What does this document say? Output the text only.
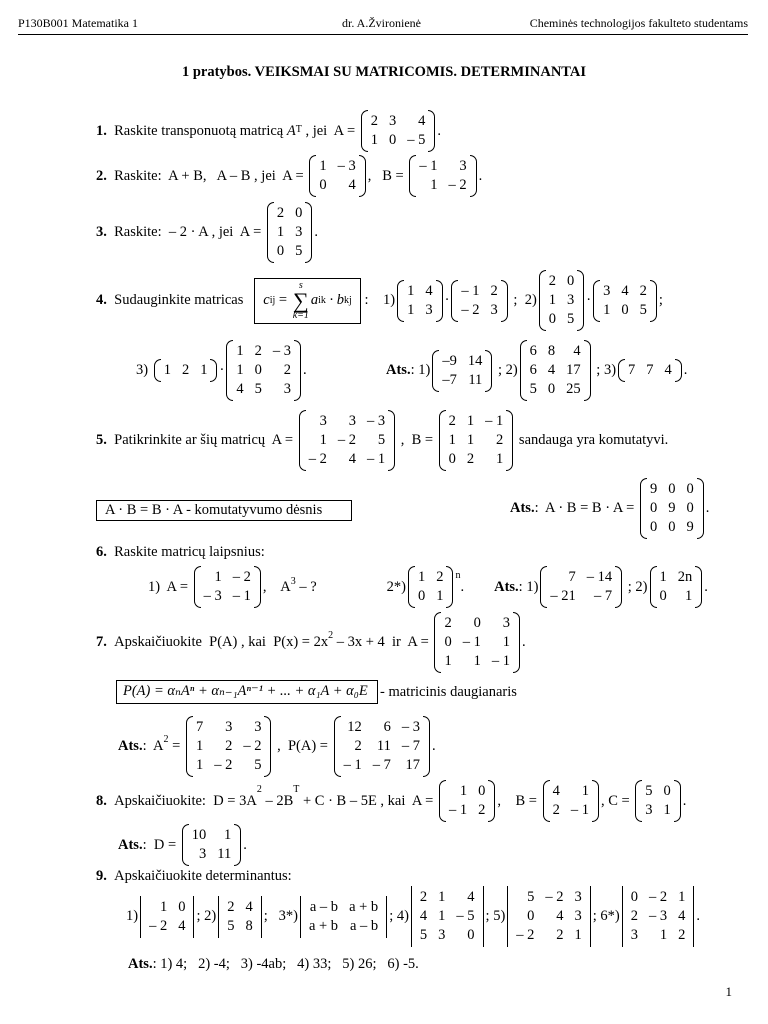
P130B001 Matematika 1	dr. A.Žvironienė	Cheminės technologijos fakulteto studentams
1 pratybos. VEIKSMAI SU MATRICOMIS. DETERMINANTAI
1.
Raskite transponuotą matricą A T , jei  A =
2 3	4
1 0 – 5
.
2.
Raskite:  A + B,   A – B , jei  A =
1 – 3
0	4
,   B =
– 1	3
1 – 2
.
3.
Raskite:  – 2 · A , jei  A =
2 0
1 3
0 5
.
4.
Sudauginkite matricas
c ij =
s
∑
k=1
a ik · b kj :
1)
1 4
1 3
·
– 1 2
– 2 3
;  2)
2 0
1 3
0 5
·
3 4 2
1 0 5
;
3)
1 2 1 ·
1 2 – 3
1 0	2
4 5	3
.	Ats. : 1)
–9 14
–7 11
; 2)
6 8	4
6 4 17
5 0 25
; 3) 7 7 4 .
5.
Patikrinkite ar šių matricų  A =
3	3 – 3
1 – 2	5
– 2	4 – 1
,  B =
2 1 – 1
1 1	2
0 2	1
sandauga yra komutatyvi.
A · B = B · A - komutatyvumo dėsnis	Ats. :  A · B = B · A =
9 0 0
0 9 0
0 0 9
.
6.
Raskite matricų laipsnius:
1)  A =
1 – 2
– 3 – 1
,    $A^3$ – ?	2*)
1 2
0 1
$^n$
. Ats. : 1)
7 – 14
– 21	– 7
; 2)
1 2n
0	1
.
7.
Apskaičiuokite  P(A) , kai  $P(x) = 2x^2 - 3x + 4$  ir  A =
2	0	3
0 – 1	1
1	1 – 1
.
P(A) = αₙAⁿ + αₙ₋₁Aⁿ⁻¹ + ... + α₁A + α₀E - matricinis daugianaris
Ats. :  $A^2$ =
7	3	3
1	2 – 2
1 – 2	5
,  P(A) =
12	6 – 3
2 11 – 7
– 1 – 7 17
.
8.
Apskaičiuokite:  D = 3A
$^2$
– 2B
$^T$
+ C · B – 5E , kai  A =
1 0
– 1 2
,    B =
4	1
2 – 1
, C =
5 0
3 1
.
Ats. :  D =
10	1
3 11
.
9.
Apskaičiuokite determinantus:
1)
1 0
– 2 4
; 2)
2 4
5 8
;   3*)
a – b a + b
a + b a – b
; 4)
2 1	4
4 1 – 5
5 3	0
; 5)
5 – 2 3
0	4 3
– 2	2 1
; 6*)
0 – 2 1
2 – 3 4
3	1 2
.
Ats. : 1) 4;   2) -4;   3) -4ab;   4) 33;   5) 26;   6) -5.
1
